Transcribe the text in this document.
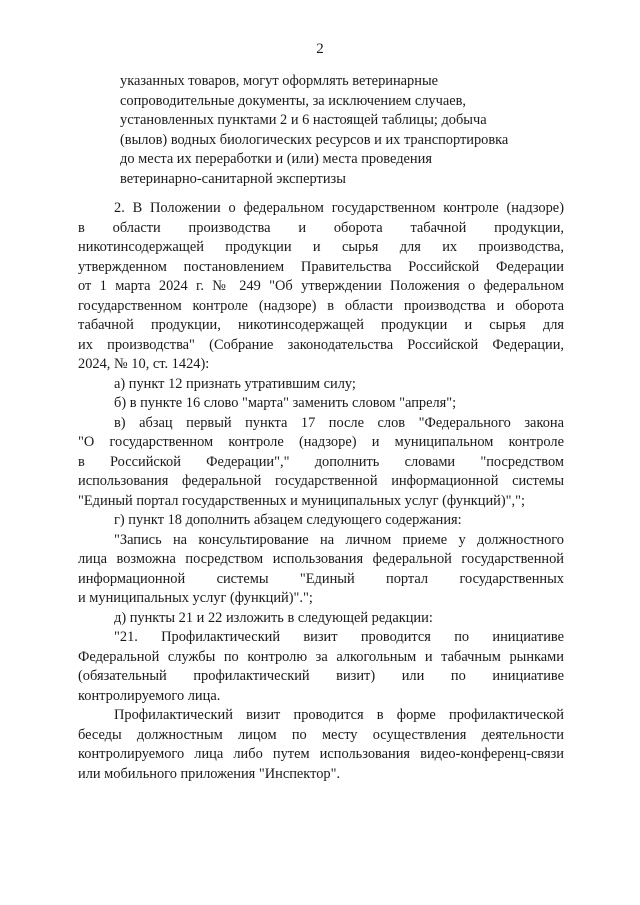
2
указанных товаров, могут оформлять ветеринарные
сопроводительные документы, за исключением случаев,
установленных пунктами 2 и 6 настоящей таблицы; добыча
(вылов) водных биологических ресурсов и их транспортировка
до места их переработки и (или) места проведения
ветеринарно-санитарной экспертизы
2. В Положении о федеральном государственном контроле (надзоре)
в области производства и оборота табачной продукции,
никотинсодержащей продукции и сырья для их производства,
утвержденном постановлением Правительства Российской Федерации
от 1 марта 2024 г. № 249 "Об утверждении Положения о федеральном
государственном контроле (надзоре) в области производства и оборота
табачной продукции, никотинсодержащей продукции и сырья для
их производства" (Собрание законодательства Российской Федерации,
2024, № 10, ст. 1424):
а) пункт 12 признать утратившим силу;
б) в пункте 16 слово "марта" заменить словом "апреля";
в) абзац первый пункта 17 после слов "Федерального закона
"О государственном контроле (надзоре) и муниципальном контроле
в Российской Федерации"," дополнить словами "посредством
использования федеральной государственной информационной системы
"Единый портал государственных и муниципальных услуг (функций)",";
г) пункт 18 дополнить абзацем следующего содержания:
"Запись на консультирование на личном приеме у должностного
лица возможна посредством использования федеральной государственной
информационной системы "Единый портал государственных
и муниципальных услуг (функций)".";
д) пункты 21 и 22 изложить в следующей редакции:
"21. Профилактический визит проводится по инициативе
Федеральной службы по контролю за алкогольным и табачным рынками
(обязательный профилактический визит) или по инициативе
контролируемого лица.
Профилактический визит проводится в форме профилактической
беседы должностным лицом по месту осуществления деятельности
контролируемого лица либо путем использования видео-конференц-связи
или мобильного приложения "Инспектор".
